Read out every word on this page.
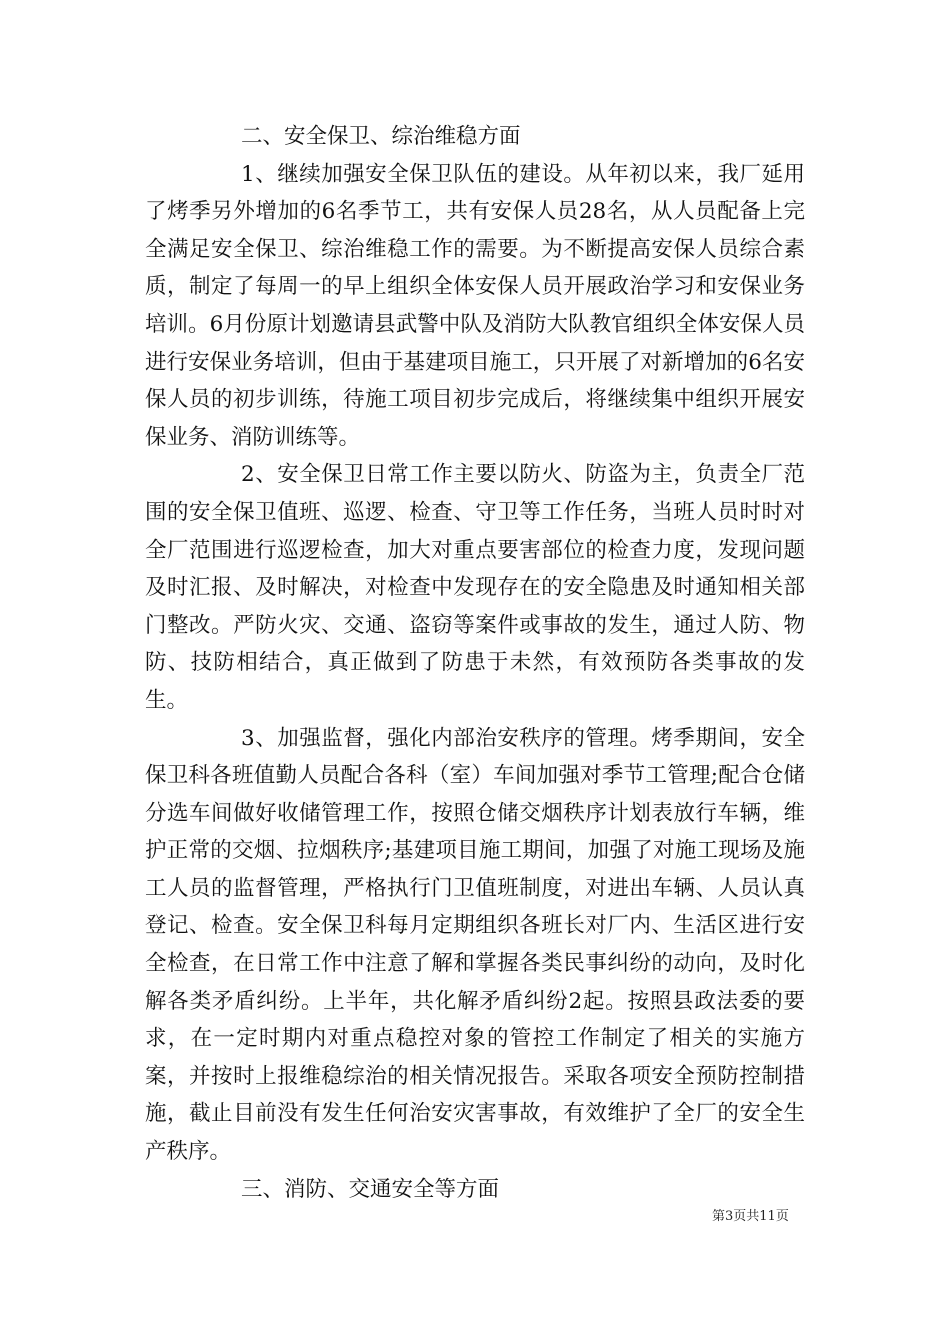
二、安全保卫、综治维稳方面

1、继续加强安全保卫队伍的建设。从年初以来，我厂延用了烤季另外增加的6名季节工，共有安保人员28名，从人员配备上完全满足安全保卫、综治维稳工作的需要。为不断提高安保人员综合素质，制定了每周一的早上组织全体安保人员开展政治学习和安保业务培训。6月份原计划邀请县武警中队及消防大队教官组织全体安保人员进行安保业务培训，但由于基建项目施工，只开展了对新增加的6名安保人员的初步训练，待施工项目初步完成后，将继续集中组织开展安保业务、消防训练等。

2、安全保卫日常工作主要以防火、防盗为主，负责全厂范围的安全保卫值班、巡逻、检查、守卫等工作任务，当班人员时时对全厂范围进行巡逻检查，加大对重点要害部位的检查力度，发现问题及时汇报、及时解决，对检查中发现存在的安全隐患及时通知相关部门整改。严防火灾、交通、盗窃等案件或事故的发生，通过人防、物防、技防相结合，真正做到了防患于未然，有效预防各类事故的发生。

3、加强监督，强化内部治安秩序的管理。烤季期间，安全保卫科各班值勤人员配合各科（室）车间加强对季节工管理;配合仓储分选车间做好收储管理工作，按照仓储交烟秩序计划表放行车辆，维护正常的交烟、拉烟秩序;基建项目施工期间，加强了对施工现场及施工人员的监督管理，严格执行门卫值班制度，对进出车辆、人员认真登记、检查。安全保卫科每月定期组织各班长对厂内、生活区进行安全检查，在日常工作中注意了解和掌握各类民事纠纷的动向，及时化解各类矛盾纠纷。上半年，共化解矛盾纠纷2起。按照县政法委的要求，在一定时期内对重点稳控对象的管控工作制定了相关的实施方案，并按时上报维稳综治的相关情况报告。采取各项安全预防控制措施，截止目前没有发生任何治安灾害事故，有效维护了全厂的安全生产秩序。

三、消防、交通安全等方面

第3页共11页
